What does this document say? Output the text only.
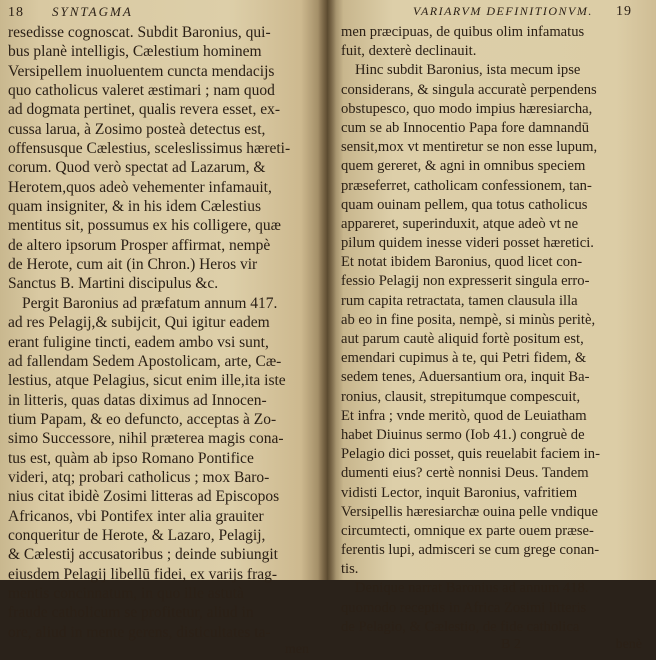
18 SYNTAGMA
resedisse cognoscat. Subdit Baronius, qui-
bus planè intelligis, Cælestium hominem
Versipellem inuoluentem cuncta mendacijs
quo catholicus valeret æstimari ; nam quod
ad dogmata pertinet, qualis revera esset, ex-
cussa larua, à Zosimo posteà detectus est,
offensusque Cælestius, sceleslissimus hæreti-
corum. Quod verò spectat ad Lazarum, &
Herotem,quos adeò vehementer infamauit,
quam insigniter, & in his idem Cælestius
mentitus sit, possumus ex his colligere, quæ
de altero ipsorum Prosper affirmat, nempè
de Herote, cum ait (in Chron.) Heros vir
Sanctus B. Martini discipulus &c.
Pergit Baronius ad præfatum annum 417.
ad res Pelagij,& subijcit, Qui igitur eadem
erant fuligine tincti, eadem ambo vsi sunt,
ad fallendam Sedem Apostolicam, arte, Cæ-
lestius, atque Pelagius, sicut enim ille,ita iste
in litteris, quas datas diximus ad Innocen-
tium Papam, & eo defuncto, acceptas à Zo-
simo Successore, nihil præterea magis cona-
tus est, quàm ab ipso Romano Pontifice
videri, atq; probari catholicus ; mox Baro-
nius citat ibidè Zosimi litteras ad Episcopos
Africanos, vbi Pontifex inter alia grauiter
conqueritur de Herote, & Lazaro, Pelagij,
& Cælestij accusatoribus ; deinde subiungit
eiusdem Pelagij libellū fidei, ex varijs frag-
mentis concinnatum, in quo ille astutà
fraude catholicum se profitetur, aliud in
ore, aliud in mente gerens, disticultates ta-
men
VARIARVM DEFINITIONVM. 19
men præcipuas, de quibus olim infamatus
fuit, dexterè declinauit.
Hinc subdit Baronius, ista mecum ipse
considerans, & singula accuratè perpendens
obstupesco, quo modo impius hæresiarcha,
cum se ab Innocentio Papa fore damnandū
sensit,mox vt mentiretur se non esse lupum,
quem gereret, & agni in omnibus speciem
præseferret, catholicam confessionem, tan-
quam ouinam pellem, qua totus catholicus
appareret, superinduxit, atque adeò vt ne
pilum quidem inesse videri posset hæretici.
Et notat ibidem Baronius, quod licet con-
fessio Pelagij non expresserit singula erro-
rum capita retractata, tamen clausula illa
ab eo in fine posita, nempè, si minùs peritè,
aut parum cautè aliquid fortè positum est,
emendari cupimus à te, qui Petri fidem, &
sedem tenes, Aduersantium ora, inquit Ba-
ronius, clausit, strepitumque compescuit,
Et infra ; vnde meritò, quod de Leuiatham
habet Diuinus sermo (Iob 41.) congruè de
Pelagio dici posset, quis reuelabit faciem in-
dumenti eius? certè nonnisi Deus. Tandem
vidisti Lector, inquit Baronius, vafritiem
Versipellis hæresiarchæ ouina pelle vndique
circumtecti, omnique ex parte ouem præse-
ferentis lupi, admisceri se cum grege conan-
tis.
Denique narrat Baronius ad annum 418.
quomodo receptis in Africa Zosimi litteris
de Pelagio, & Cælestio, de fide catholica
B 2	benè
